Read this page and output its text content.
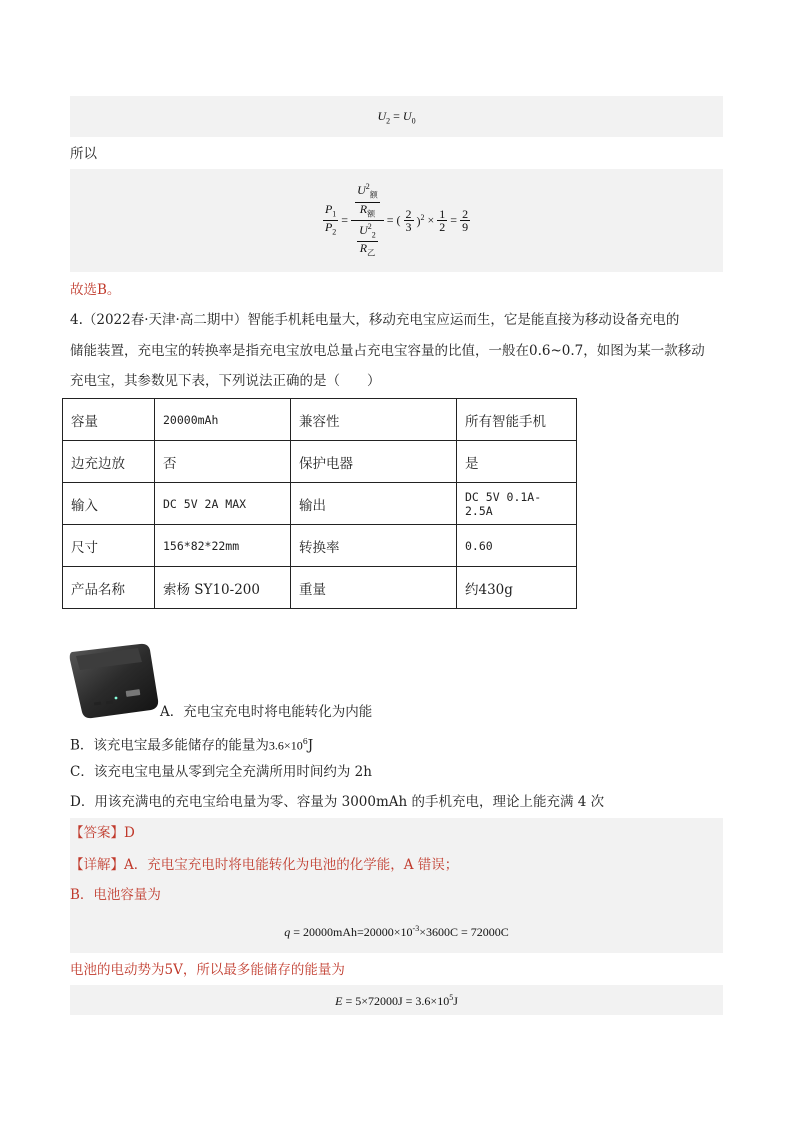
$U_2 = U_0$
所以
$\frac{P_1}{P_2} = \frac{\frac{U^2_额}{R_额}}{\frac{U^2_2}{R_乙}}$ = ( $\frac{2}{3} )^2 \times \frac{1}{2} = \frac{2}{9}$
故选B。
4.（2022春·天津·高二期中）智能手机耗电量大，移动充电宝应运而生，它是能直接为移动设备充电的
储能装置，充电宝的转换率是指充电宝放电总量占充电宝容量的比值，一般在0.6~0.7，如图为某一款移动
充电宝，其参数见下表，下列说法正确的是（　　）
容量	20000mAh	兼容性	所有智能手机
边充边放	否	保护电器	是
输入	DC 5V 2A MAX	输出	DC 5V 0.1A-2.5A
尺寸	156*82*22mm	转换率	0.60
产品名称	索杨 SY10-200	重量	约430g
A．充电宝充电时将电能转化为内能
B．该充电宝最多能储存的能量为$3.6\times 10^6J$
C．该充电宝电量从零到完全充满所用时间约为 2h
D．用该充满电的充电宝给电量为零、容量为 3000mAh 的手机充电，理论上能充满 4 次
【答案】D
【详解】A．充电宝充电时将电能转化为电池的化学能，A 错误；
B．电池容量为
$q = 20000mAh=20000\times 10^{-3}\times 3600C = 72000C$
电池的电动势为5V，所以最多能储存的能量为
$E = 5\times 72000J = 3.6\times 10^5J$
